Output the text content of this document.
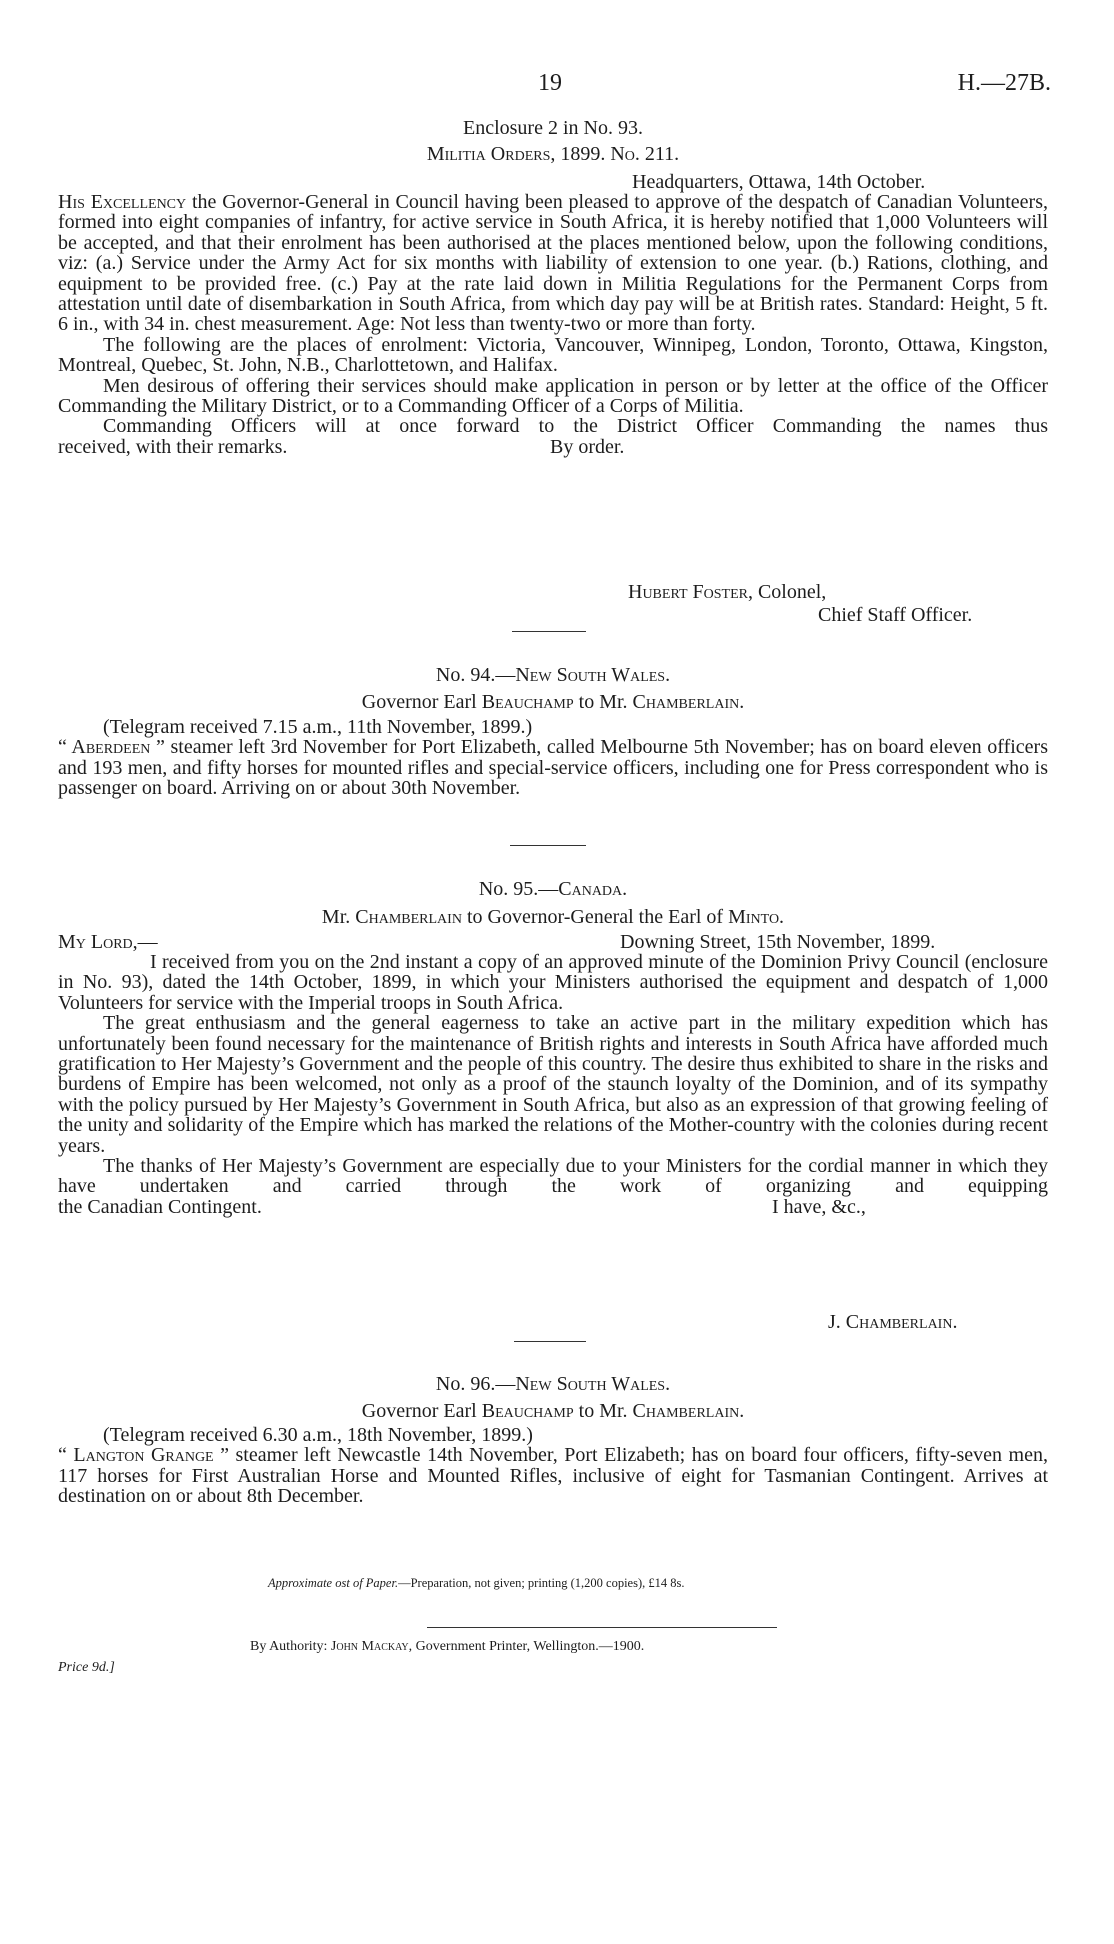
19	H.—27B.
Enclosure 2 in No. 93.
Militia Orders, 1899. No. 211.
Headquarters, Ottawa, 14th October.

His Excellency the Governor-General in Council having been pleased to approve of the despatch of Canadian Volunteers, formed into eight companies of infantry, for active service in South Africa, it is hereby notified that 1,000 Volunteers will be accepted, and that their enrolment has been authorised at the places mentioned below, upon the following conditions, viz: (a.) Service under the Army Act for six months with liability of extension to one year. (b.) Rations, clothing, and equipment to be provided free. (c.) Pay at the rate laid down in Militia Regulations for the Permanent Corps from attestation until date of disembarkation in South Africa, from which day pay will be at British rates. Standard: Height, 5 ft. 6 in., with 34 in. chest measurement. Age: Not less than twenty-two or more than forty.

The following are the places of enrolment: Victoria, Vancouver, Winnipeg, London, Toronto, Ottawa, Kingston, Montreal, Quebec, St. John, N.B., Charlottetown, and Halifax.

Men desirous of offering their services should make application in person or by letter at the office of the Officer Commanding the Military District, or to a Commanding Officer of a Corps of Militia.

Commanding Officers will at once forward to the District Officer Commanding the names thus

received, with their remarks.	By order.
Hubert Foster, Colonel,
Chief Staff Officer.
No. 94.—New South Wales.
Governor Earl Beauchamp to Mr. Chamberlain.

(Telegram received 7.15 a.m., 11th November, 1899.)

“ Aberdeen ” steamer left 3rd November for Port Elizabeth, called Melbourne 5th November; has on board eleven officers and 193 men, and fifty horses for mounted rifles and special-service officers, including one for Press correspondent who is passenger on board. Arriving on or about 30th November.

No. 95.—Canada.
Mr. Chamberlain to Governor-General the Earl of Minto.
My Lord,—	Downing Street, 15th November, 1899.

I received from you on the 2nd instant a copy of an approved minute of the Dominion Privy Council (enclosure in No. 93), dated the 14th October, 1899, in which your Ministers authorised the equipment and despatch of 1,000 Volunteers for service with the Imperial troops in South Africa.

The great enthusiasm and the general eagerness to take an active part in the military expedition which has unfortunately been found necessary for the maintenance of British rights and interests in South Africa have afforded much gratification to Her Majesty’s Government and the people of this country. The desire thus exhibited to share in the risks and burdens of Empire has been welcomed, not only as a proof of the staunch loyalty of the Dominion, and of its sympathy with the policy pursued by Her Majesty’s Government in South Africa, but also as an expression of that growing feeling of the unity and solidarity of the Empire which has marked the relations of the Mother-country with the colonies during recent years.

The thanks of Her Majesty’s Government are especially due to your Ministers for the cordial manner in which they have undertaken and carried through the work of organizing and equipping

the Canadian Contingent.	I have, &c.,
J. Chamberlain.
No. 96.—New South Wales.
Governor Earl Beauchamp to Mr. Chamberlain.

(Telegram received 6.30 a.m., 18th November, 1899.)

“ Langton Grange ” steamer left Newcastle 14th November, Port Elizabeth; has on board four officers, fifty-seven men, 117 horses for First Australian Horse and Mounted Rifles, inclusive of eight for Tasmanian Contingent. Arrives at destination on or about 8th December.

Approximate ost of Paper.—Preparation, not given; printing (1,200 copies), £14 8s.
By Authority: John Mackay, Government Printer, Wellington.—1900.
Price 9d.]
